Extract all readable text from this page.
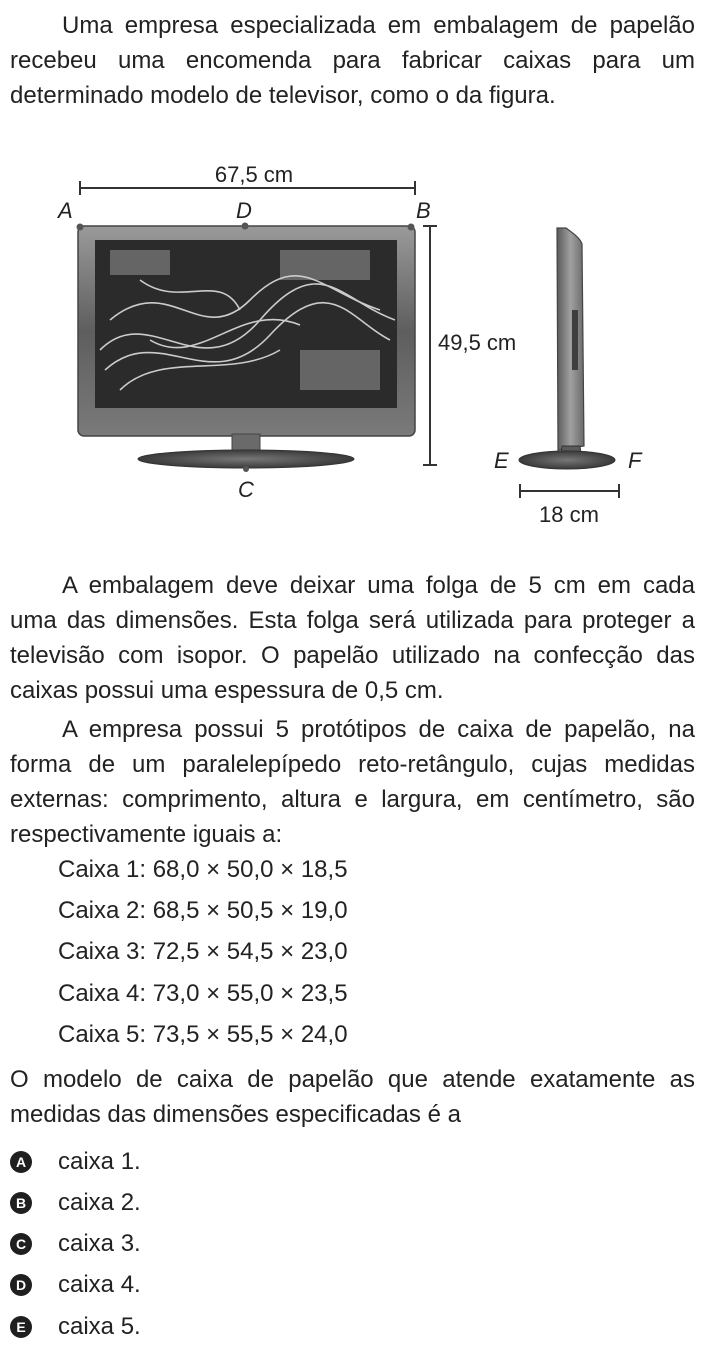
Uma empresa especializada em embalagem de papelão recebeu uma encomenda para fabricar caixas para um determinado modelo de televisor, como o da figura.

67,5 cm
A	D	B
C
49,5 cm
E	F
18 cm

A embalagem deve deixar uma folga de 5 cm em cada uma das dimensões. Esta folga será utilizada para proteger a televisão com isopor. O papelão utilizado na confecção das caixas possui uma espessura de 0,5 cm.

A empresa possui 5 protótipos de caixa de papelão, na forma de um paralelepípedo reto-retângulo, cujas medidas externas: comprimento, altura e largura, em centímetro, são respectivamente iguais a:

Caixa 1: 68,0 × 50,0 × 18,5

Caixa 2: 68,5 × 50,5 × 19,0

Caixa 3: 72,5 × 54,5 × 23,0

Caixa 4: 73,0 × 55,0 × 23,5

Caixa 5: 73,5 × 55,5 × 24,0

O modelo de caixa de papelão que atende exatamente as medidas das dimensões especificadas é a

A caixa 1.
B caixa 2.
C caixa 3.
D caixa 4.
E caixa 5.
